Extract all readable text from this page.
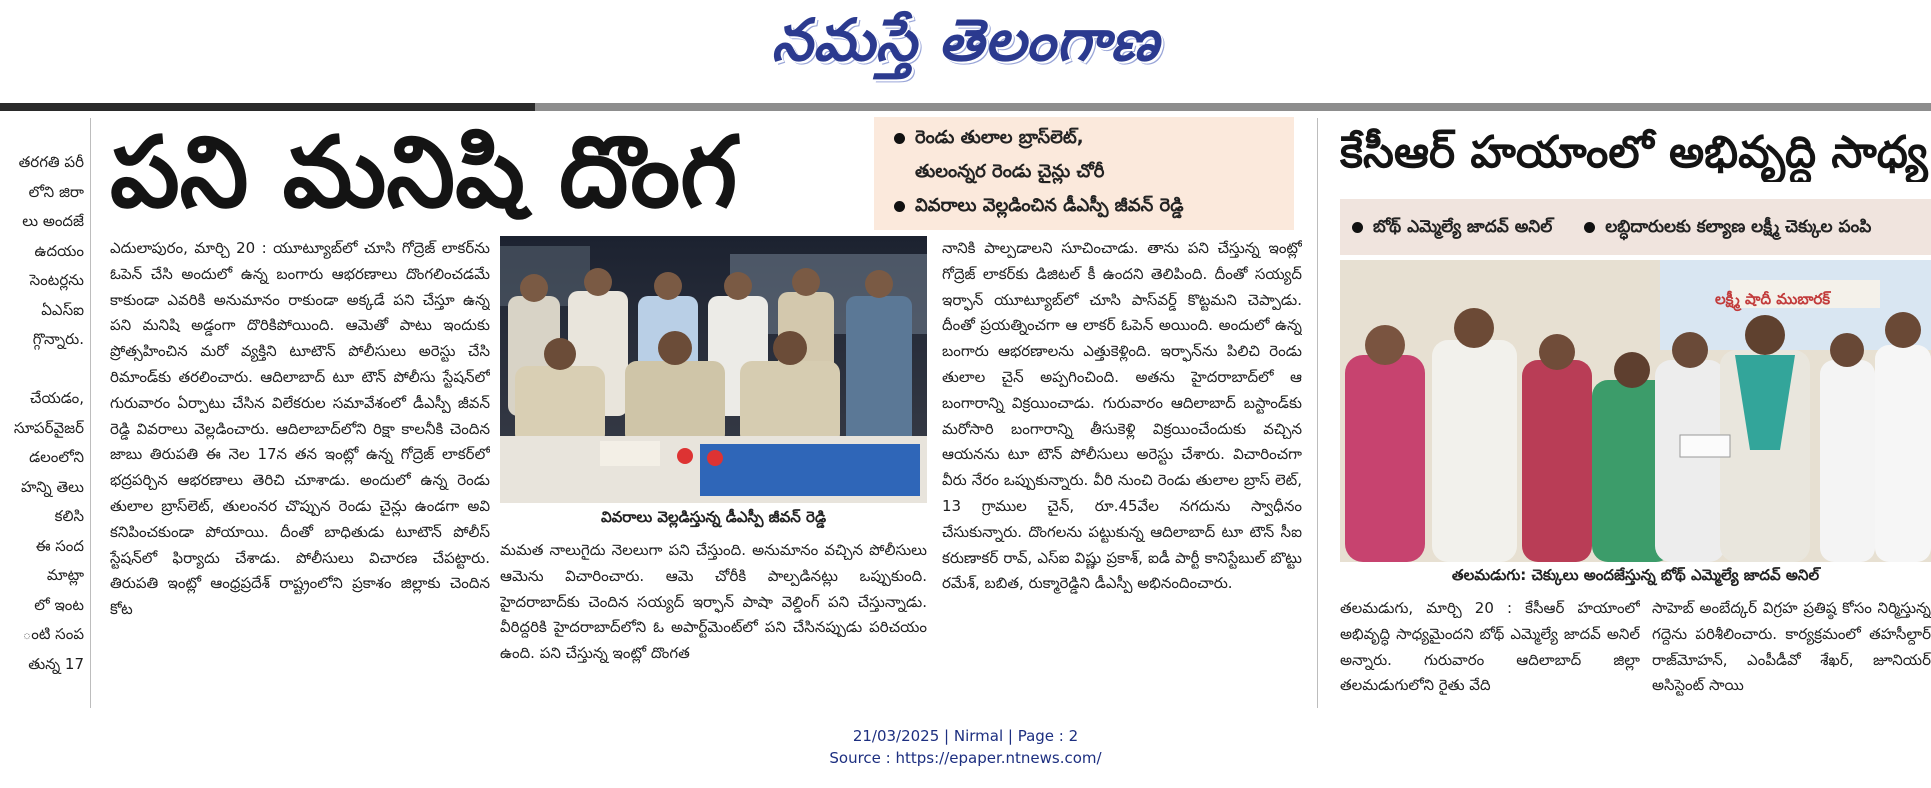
నమస్తే తెలంగాణ
తరగతి పరీ
లోని జిరా
లు అందజే
ఉదయం
సెంటర్లను
ఏఎస్ఐ
గ్గొన్నారు.
చేయడం,
సూపర్‌వైజర్
డలంలోని
హన్ని తెలు
కలిసి
ఈ సంద
మాట్లా
లో ఇంట
ంటి సంప
తున్న 17
పని మనిషి దొంగ	రెండు తులాల బ్రాస్‌లెట్,
తులంన్నర రెండు చైన్లు చోరీ
వివరాలు వెల్లడించిన డీఎస్పీ జీవన్ రెడ్డి

ఎదులాపురం, మార్చి 20 : యూట్యూబ్‌లో చూసి గోద్రెజ్ లాకర్‌ను ఓపెన్ చేసి అందులో ఉన్న బంగారు ఆభరణాలు దొంగలించడమే కాకుండా ఎవరికి అనుమానం రాకుండా అక్కడే పని చేస్తూ ఉన్న పని మనిషి అడ్డంగా దొరికిపోయింది. ఆమెతో పాటు ఇందుకు ప్రోత్సహించిన మరో వ్యక్తిని టూటౌన్ పోలీసులు అరెస్టు చేసి రిమాండ్‌కు తరలించారు. ఆదిలాబాద్ టూ టౌన్ పోలీసు స్టేషన్‌లో గురువారం ఏర్పాటు చేసిన విలేకరుల సమావేశంలో డీఎస్పీ జీవన్ రెడ్డి వివరాలు వెల్లడించారు. ఆదిలాబాద్‌లోని రిక్షా కాలనీకి చెందిన జాబు తిరుపతి ఈ నెల 17న తన ఇంట్లో ఉన్న గోద్రెజ్ లాకర్‌లో భద్రపర్చిన ఆభరణాలు తెరిచి చూశాడు. అందులో ఉన్న రెండు తులాల బ్రాస్‌లెట్, తులంనర చొప్పున రెండు చైన్లు ఉండగా అవి కనిపించకుండా పోయాయి. దీంతో బాధితుడు టూటౌన్ పోలీస్ స్టేషన్‌లో ఫిర్యాదు చేశాడు. పోలీసులు విచారణ చేపట్టారు. తిరుపతి ఇంట్లో ఆంధ్రప్రదేశ్ రాష్ట్రంలోని ప్రకాశం జిల్లాకు చెందిన కోట

వివరాలు వెల్లడిస్తున్న డీఎస్పీ జీవన్ రెడ్డి

మమత నాలుగైదు నెలలుగా పని చేస్తుంది. అనుమానం వచ్చిన పోలీసులు ఆమెను విచారించారు. ఆమె చోరీకి పాల్పడినట్లు ఒప్పుకుంది. హైదరాబాద్‌కు చెందిన సయ్యద్ ఇర్ఫాన్ పాషా వెల్డింగ్ పని చేస్తున్నాడు. వీరిద్దరికి హైదరాబాద్‌లోని ఓ అపార్ట్‌మెంట్‌లో పని చేసినప్పుడు పరిచయం ఉంది. పని చేస్తున్న ఇంట్లో దొంగత

నానికి పాల్పడాలని సూచించాడు. తాను పని చేస్తున్న ఇంట్లో గోద్రెజ్ లాకర్‌కు డిజిటల్ కీ ఉందని తెలిపింది. దీంతో సయ్యద్ ఇర్ఫాన్ యూట్యూబ్‌లో చూసి పాస్‌వర్డ్ కొట్టమని చెప్పాడు. దీంతో ప్రయత్నించగా ఆ లాకర్ ఓపెన్ అయింది. అందులో ఉన్న బంగారు ఆభరణాలను ఎత్తుకెళ్లింది. ఇర్ఫాన్‌ను పిలిచి రెండు తులాల చైన్ అప్పగించింది. అతను హైదరాబాద్‌లో ఆ బంగారాన్ని విక్రయించాడు. గురువారం ఆదిలాబాద్ బస్టాండ్‌కు మరోసారి బంగారాన్ని తీసుకెళ్లి విక్రయించేందుకు వచ్చిన ఆయనను టూ టౌన్ పోలీసులు అరెస్టు చేశారు. విచారించగా వీరు నేరం ఒప్పుకున్నారు. వీరి నుంచి రెండు తులాల బ్రాస్ లెట్, 13 గ్రాముల చైన్, రూ.45వేల నగదును స్వాధీనం చేసుకున్నారు. దొంగలను పట్టుకున్న ఆదిలాబాద్ టూ టౌన్ సీఐ కరుణాకర్ రావ్, ఎస్ఐ విష్ణు ప్రకాశ్, ఐడీ పార్టీ కానిస్టేబుల్ బొట్టు రమేశ్, బబిత, రుక్మారెడ్డిని డీఎస్పీ అభినందించారు.

కేసీఆర్ హయాంలో అభివృద్ధి సాధ్య
బోథ్ ఎమ్మెల్యే జాదవ్ అనిల్	లబ్ధిదారులకు కల్యాణ లక్ష్మీ చెక్కుల పంపి
లక్ష్మీ షాదీ ముబారక్
తలమడుగు: చెక్కులు అందజేస్తున్న బోథ్ ఎమ్మెల్యే జాదవ్ అనిల్

తలమడుగు, మార్చి 20 : కేసీఆర్ హయాంలో అభివృద్ధి సాధ్యమైందని బోథ్ ఎమ్మెల్యే జాదవ్ అనిల్ అన్నారు. గురువారం ఆదిలాబాద్ జిల్లా తలమడుగులోని రైతు వేది

సాహెబ్ అంబేద్కర్ విగ్రహ ప్రతిష్ఠ కోసం నిర్మిస్తున్న గద్దెను పరిశీలించారు. కార్యక్రమంలో తహసీల్దార్ రాజ్‌మోహన్, ఎంపీడీవో శేఖర్, జూనియర్ అసిస్టెంట్ సాయి

21/03/2025 | Nirmal | Page : 2
Source : https://epaper.ntnews.com/
